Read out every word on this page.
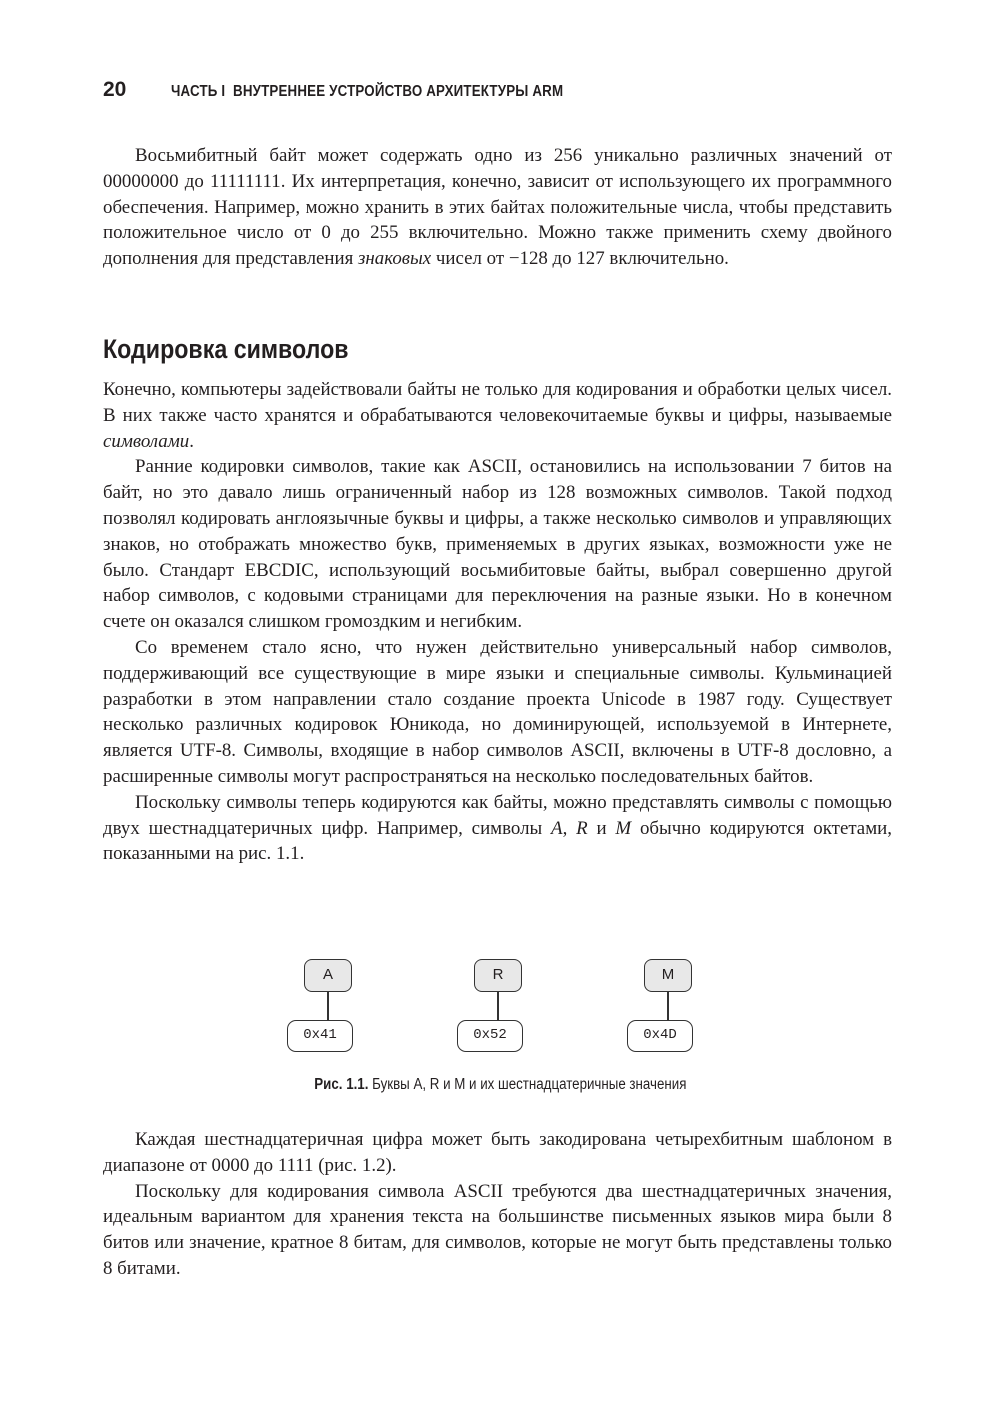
20	ЧАСТЬ I  ВНУТРЕННЕЕ УСТРОЙСТВО АРХИТЕКТУРЫ ARM

Восьмибитный байт может содержать одно из 256 уникально различных значений от 00000000 до 11111111. Их интерпретация, конечно, зависит от использующего их программного обеспечения. Например, можно хранить в этих байтах положительные числа, чтобы представить положительное число от 0 до 255 включительно. Можно также применить схему двойного дополнения для представления знаковых чисел от −128 до 127 включительно.

Кодировка символов

Конечно, компьютеры задействовали байты не только для кодирования и обработки целых чисел. В них также часто хранятся и обрабатываются человекочитаемые буквы и цифры, называемые символами.

Ранние кодировки символов, такие как ASCII, остановились на использовании 7 битов на байт, но это давало лишь ограниченный набор из 128 возможных символов. Такой подход позволял кодировать англоязычные буквы и цифры, а также несколько символов и управляющих знаков, но отображать множество букв, применяемых в других языках, возможности уже не было. Стандарт EBCDIC, использующий восьмибитовые байты, выбрал совершенно другой набор символов, с кодовыми страницами для переключения на разные языки. Но в конечном счете он оказался слишком громоздким и негибким.

Со временем стало ясно, что нужен действительно универсальный набор символов, поддерживающий все существующие в мире языки и специальные символы. Кульминацией разработки в этом направлении стало создание проекта Unicode в 1987 году. Существует несколько различных кодировок Юникода, но доминирующей, используемой в Интернете, является UTF-8. Символы, входящие в набор символов ASCII, включены в UTF-8 дословно, а расширенные символы могут распространяться на несколько последовательных байтов.

Поскольку символы теперь кодируются как байты, можно представлять символы с помощью двух шестнадцатеричных цифр. Например, символы A, R и M обычно кодируются октетами, показанными на рис. 1.1.

A
0x41
R
0x52
M
0x4D
Рис. 1.1. Буквы A, R и M и их шестнадцатеричные значения

Каждая шестнадцатеричная цифра может быть закодирована четырехбитным шаблоном в диапазоне от 0000 до 1111 (рис. 1.2).

Поскольку для кодирования символа ASCII требуются два шестнадцатеричных значения, идеальным вариантом для хранения текста на большинстве письменных языков мира были 8 битов или значение, кратное 8 битам, для символов, которые не могут быть представлены только 8 битами.
